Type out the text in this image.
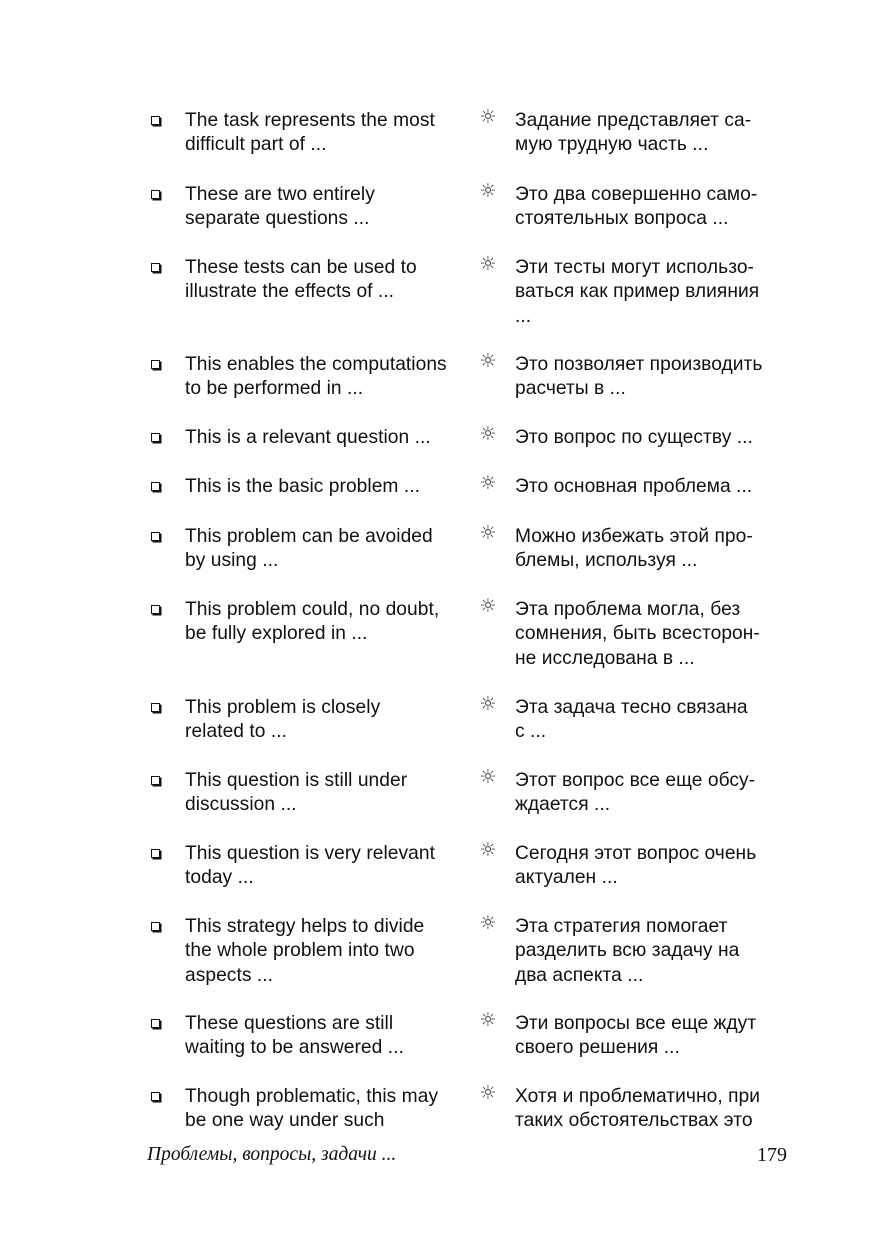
The task represents the most
difficult part of ...
☼ Задание представляет са-
мую трудную часть ...
These are two entirely
separate questions ...
☼ Это два совершенно само-
стоятельных вопроса ...
These tests can be used to
illustrate the effects of ...
☼ Эти тесты могут использо-
ваться как пример влияния
...
This enables the computations
to be performed in ...
☼ Это позволяет производить
расчеты в ...
This is a relevant question ...	☼ Это вопрос по существу ...
This is the basic problem ...	☼ Это основная проблема ...
This problem can be avoided
by using ...
☼ Можно избежать этой про-
блемы, используя ...
This problem could, no doubt,
be fully explored in ...
☼ Эта проблема могла, без
сомнения, быть всесторон-
не исследована в ...
This problem is closely
related to ...
☼ Эта задача тесно связана
с ...
This question is still under
discussion ...
☼ Этот вопрос все еще обсу-
ждается ...
This question is very relevant
today ...
☼ Сегодня этот вопрос очень
актуален ...
This strategy helps to divide
the whole problem into two
aspects ...
☼ Эта стратегия помогает
разделить всю задачу на
два аспекта ...
These questions are still
waiting to be answered ...
☼ Эти вопросы все еще ждут
своего решения ...
Though problematic, this may
be one way under such
☼ Хотя и проблематично, при
таких обстоятельствах это
Проблемы, вопросы, задачи ...	179
